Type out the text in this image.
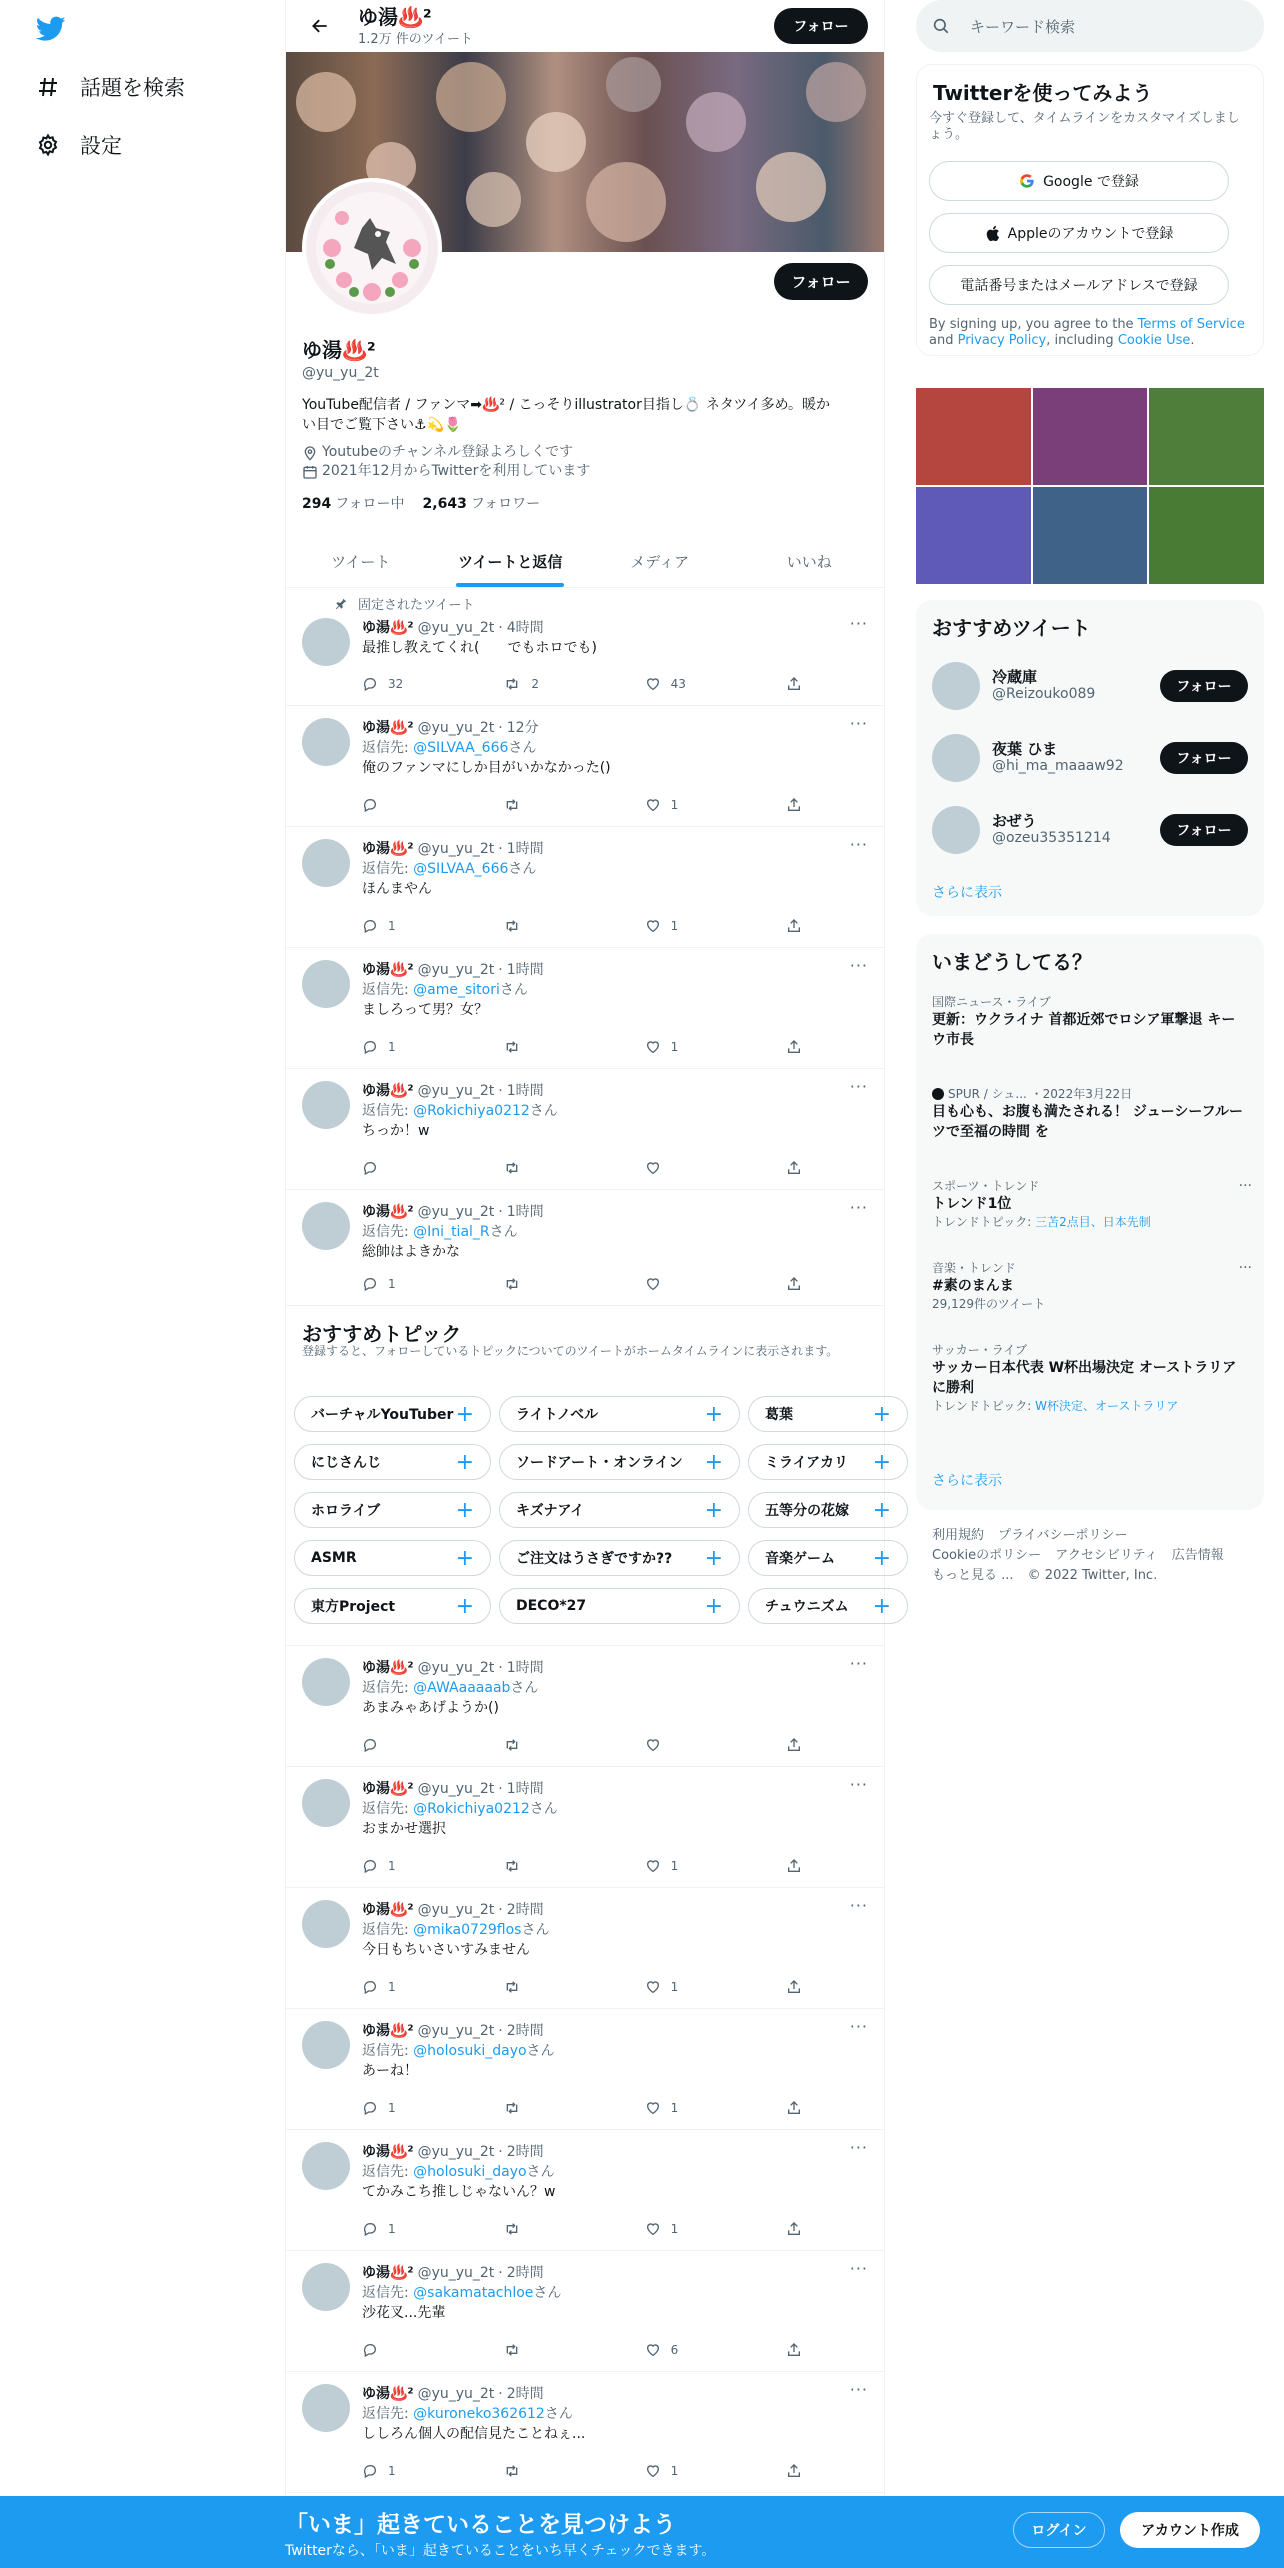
話題を検索
設定
ゆ湯♨️²
1.2万 件のツイート
フォロー
フォロー
ゆ湯♨️²
@yu_yu_2t
YouTube配信者 / ファンマ➡♨️² / こっそりillustrator目指し💍 ネタツイ多め。暖か
い目でご覧下さい⚓💫🌷
Youtubeのチャンネル登録よろしくです
2021年12月からTwitterを利用しています
294 フォロー中 2,643 フォロワー
ツイート	ツイートと返信	メディア	いいね
固定されたツイート
···
ゆ湯♨️² @yu_yu_2t · 4時間
最推し教えてくれ(　　でもホロでも)
32	2	43
···
ゆ湯♨️² @yu_yu_2t · 12分
返信先: @SILVAA_666さん
俺のファンマにしか目がいかなかった()
1
···
ゆ湯♨️² @yu_yu_2t · 1時間
返信先: @SILVAA_666さん
ほんまやん
1	1
···
ゆ湯♨️² @yu_yu_2t · 1時間
返信先: @ame_sitoriさん
ましろって男？女？
1	1
···
ゆ湯♨️² @yu_yu_2t · 1時間
返信先: @Rokichiya0212さん
ちっか！w
···
ゆ湯♨️² @yu_yu_2t · 1時間
返信先: @Ini_tial_Rさん
総帥はよきかな
1
おすすめトピック
登録すると、フォローしているトピックについてのツイートがホームタイムラインに表示されます。
バーチャルYouTuber +	ライトノベル	+	葛葉	+
にじさんじ	+	ソードアート・オンライン +	ミライアカリ +
ホロライブ	+	キズナアイ	+	五等分の花嫁 +
ASMR	+	ご注文はうさぎですか?? +	音楽ゲーム +
東方Project	+	DECO*27	+	チュウニズム +
···
ゆ湯♨️² @yu_yu_2t · 1時間
返信先: @AWAaaaaabさん
あまみゃあげようか()
···
ゆ湯♨️² @yu_yu_2t · 1時間
返信先: @Rokichiya0212さん
おまかせ選択
1	1
···
ゆ湯♨️² @yu_yu_2t · 2時間
返信先: @mika0729flosさん
今日もちいさいすみません
1	1
···
ゆ湯♨️² @yu_yu_2t · 2時間
返信先: @holosuki_dayoさん
あーね！
1	1
···
ゆ湯♨️² @yu_yu_2t · 2時間
返信先: @holosuki_dayoさん
てかみこち推しじゃないん？w
1	1
···
ゆ湯♨️² @yu_yu_2t · 2時間
返信先: @sakamatachloeさん
沙花叉...先輩
6
···
ゆ湯♨️² @yu_yu_2t · 2時間
返信先: @kuroneko362612さん
ししろん個人の配信見たことねぇ...
1	1
キーワード検索
Twitterを使ってみよう
今すぐ登録して、タイムラインをカスタマイズしましょう。
Google で登録
Appleのアカウントで登録
電話番号またはメールアドレスで登録
By signing up, you agree to the Terms of Service and Privacy Policy, including Cookie Use.
おすすめツイート
冷蔵庫
@Reizouko089	フォロー
夜葉 ひま
@hi_ma_maaaw92	フォロー
おぜう
@ozeu35351214	フォロー
さらに表示
いまどうしてる？
国際ニュース・ライブ
更新：ウクライナ 首都近郊でロシア軍撃退 キーウ市長
SPUR / シュ... ・2022年3月22日
目も心も、お腹も満たされる！ ジューシーフルーツで至福の時間 を
スポーツ・トレンド
トレンド1位
トレンドトピック: 三苫2点目、日本先制
···
音楽・トレンド
#素のまんま
29,129件のツイート
···
サッカー・ライブ
サッカー日本代表 W杯出場決定 オーストラリアに勝利
トレンドトピック: W杯決定、オーストラリア
さらに表示
利用規約 プライバシーポリシー
Cookieのポリシー アクセシビリティ 広告情報
もっと見る ... © 2022 Twitter, Inc.
「いま」起きていることを見つけよう
Twitterなら、「いま」起きていることをいち早くチェックできます。
ログイン	アカウント作成
